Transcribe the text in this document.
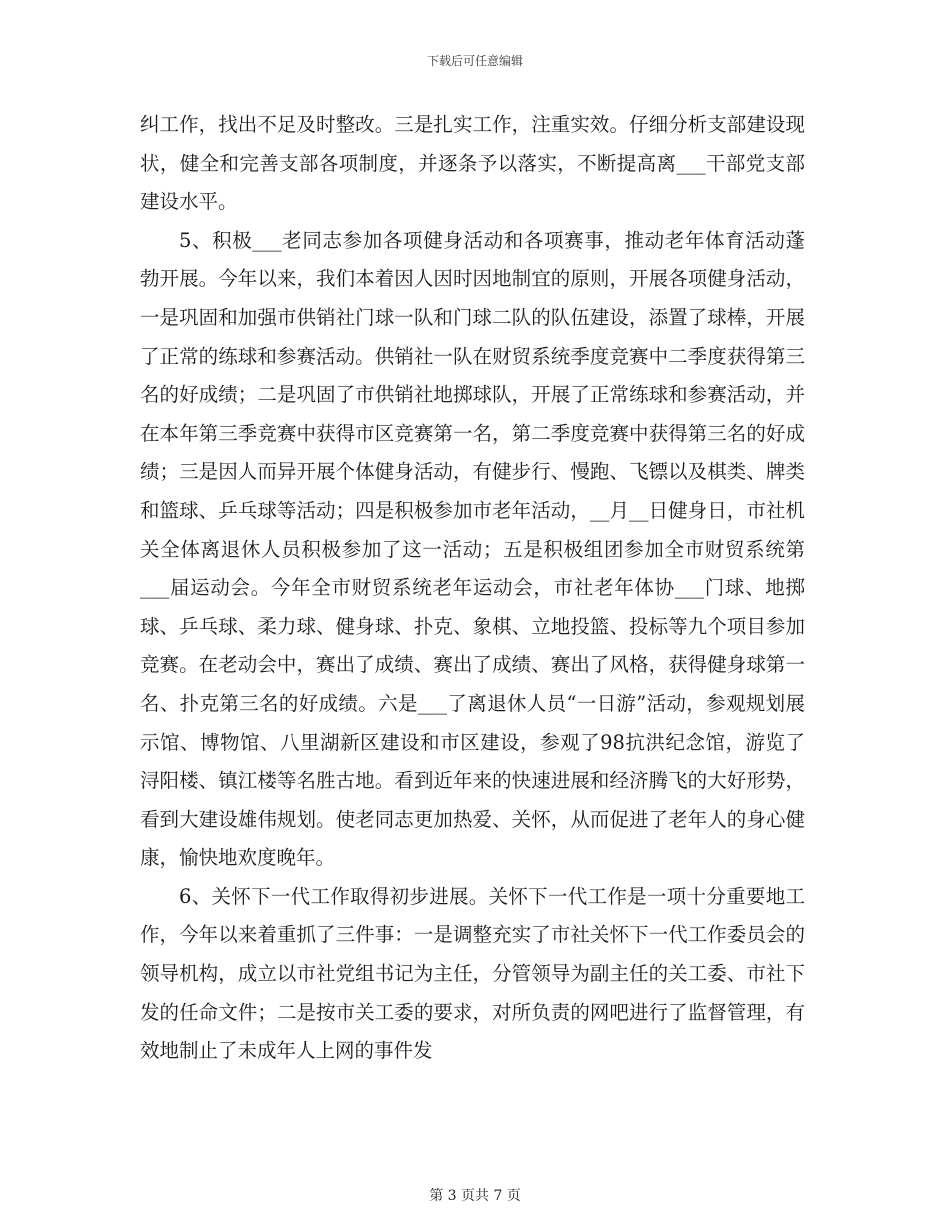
下载后可任意编辑

纠工作，找出不足及时整改。三是扎实工作，注重实效。仔细分析支部建设现状，健全和完善支部各项制度，并逐条予以落实，不断提高离___干部党支部建设水平。

5、积极___老同志参加各项健身活动和各项赛事，推动老年体育活动蓬勃开展。今年以来，我们本着因人因时因地制宜的原则，开展各项健身活动，一是巩固和加强市供销社门球一队和门球二队的队伍建设，添置了球棒，开展了正常的练球和参赛活动。供销社一队在财贸系统季度竞赛中二季度获得第三名的好成绩；二是巩固了市供销社地掷球队，开展了正常练球和参赛活动，并在本年第三季竞赛中获得市区竞赛第一名，第二季度竞赛中获得第三名的好成绩；三是因人而异开展个体健身活动，有健步行、慢跑、飞镖以及棋类、牌类和篮球、乒乓球等活动；四是积极参加市老年活动，__月__日健身日，市社机关全体离退休人员积极参加了这一活动；五是积极组团参加全市财贸系统第___届运动会。今年全市财贸系统老年运动会，市社老年体协___门球、地掷球、乒乓球、柔力球、健身球、扑克、象棋、立地投篮、投标等九个项目参加竞赛。在老动会中，赛出了成绩、赛出了成绩、赛出了风格，获得健身球第一名、扑克第三名的好成绩。六是___了离退休人员“一日游”活动，参观规划展示馆、博物馆、八里湖新区建设和市区建设，参观了98抗洪纪念馆，游览了浔阳楼、镇江楼等名胜古地。看到近年来的快速进展和经济腾飞的大好形势，看到大建设雄伟规划。使老同志更加热爱、关怀，从而促进了老年人的身心健康，愉快地欢度晚年。

6、关怀下一代工作取得初步进展。关怀下一代工作是一项十分重要地工作，今年以来着重抓了三件事：一是调整充实了市社关怀下一代工作委员会的领导机构，成立以市社党组书记为主任，分管领导为副主任的关工委、市社下发的任命文件；二是按市关工委的要求，对所负责的网吧进行了监督管理，有效地制止了未成年人上网的事件发

第 3 页共 7 页
